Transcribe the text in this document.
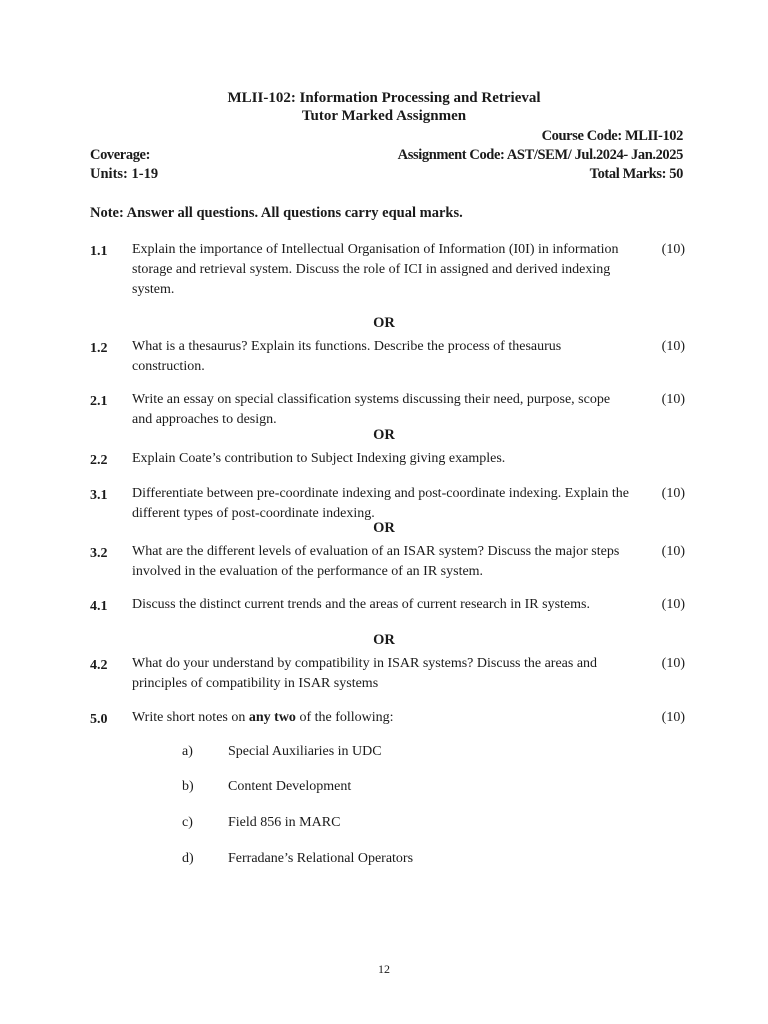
MLII-102: Information Processing and Retrieval
Tutor Marked Assignmen
Course Code: MLII-102
Coverage:	Assignment Code: AST/SEM/ Jul.2024- Jan.2025
Units: 1-19	Total Marks: 50
Note: Answer all questions. All questions carry equal marks.
1.1	Explain the importance of Intellectual Organisation of Information (I0I) in information storage and retrieval system. Discuss the role of ICI in assigned and derived indexing system.
(10)
OR
1.2	What is a thesaurus? Explain its functions. Describe the process of thesaurus construction.
(10)
2.1	Write an essay on special classification systems discussing their need, purpose, scope and approaches to design.
(10)
OR
2.2	Explain Coate’s contribution to Subject Indexing giving examples.
3.1	Differentiate between pre-coordinate indexing and post-coordinate indexing. Explain the different types of post-coordinate indexing.
(10)
OR
3.2	What are the different levels of evaluation of an ISAR system? Discuss the major steps involved in the evaluation of the performance of an IR system.
(10)
4.1	Discuss the distinct current trends and the areas of current research in IR systems.	(10)
OR
4.2	What do your understand by compatibility in ISAR systems? Discuss the areas and principles of compatibility in ISAR systems
(10)
5.0	Write short notes on any two of the following:	(10)
a)	Special Auxiliaries in UDC
b)	Content Development
c)	Field 856 in MARC
d)	Ferradane’s Relational Operators
12
